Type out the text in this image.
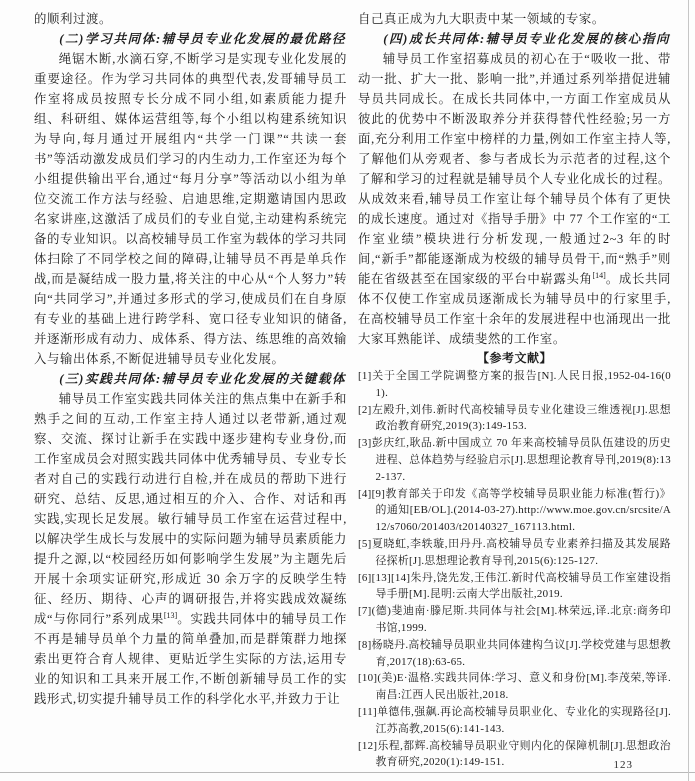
的顺利过渡。

(二)学习共同体:辅导员专业化发展的最优路径

绳锯木断,水滴石穿,不断学习是实现专业化发展的重要途径。作为学习共同体的典型代表,发哥辅导员工作室将成员按照专长分成不同小组,如素质能力提升组、科研组、媒体运营组等,每个小组以构建系统知识为导向,每月通过开展组内“共学一门课”“共读一套书”等活动激发成员们学习的内生动力,工作室还为每个小组提供输出平台,通过“每月分享”等活动以小组为单位交流工作方法与经验、启迪思维,定期邀请国内思政名家讲座,这激活了成员们的专业自觉,主动建构系统完备的专业知识。以高校辅导员工作室为载体的学习共同体扫除了不同学校之间的障碍,让辅导员不再是单兵作战,而是凝结成一股力量,将关注的中心从“个人努力”转向“共同学习”,并通过多形式的学习,使成员们在自身原有专业的基础上进行跨学科、宽口径专业知识的储备,并逐渐形成有动力、成体系、得方法、练思维的高效输入与输出体系,不断促进辅导员专业化发展。

(三)实践共同体:辅导员专业化发展的关键载体

辅导员工作室实践共同体关注的焦点集中在新手和熟手之间的互动,工作室主持人通过以老带新,通过观察、交流、探讨让新手在实践中逐步建构专业身份,而工作室成员会对照实践共同体中优秀辅导员、专业专长者对自己的实践行动进行自检,并在成员的帮助下进行研究、总结、反思,通过相互的介入、合作、对话和再实践,实现长足发展。敏行辅导员工作室在运营过程中,以解决学生成长与发展中的实际问题为辅导员素质能力提升之源,以“校园经历如何影响学生发展”为主题先后开展十余项实证研究,形成近 30 余万字的反映学生特征、经历、期待、心声的调研报告,并将实践成效凝练成“与你同行”系列成果[13]。实践共同体中的辅导员工作不再是辅导员单个力量的简单叠加,而是群策群力地探索出更符合育人规律、更贴近学生实际的方法,运用专业的知识和工具来开展工作,不断创新辅导员工作的实践形式,切实提升辅导员工作的科学化水平,并致力于让

自己真正成为九大职责中某一领域的专家。

(四)成长共同体:辅导员专业化发展的核心指向

辅导员工作室招募成员的初心在于“吸收一批、带动一批、扩大一批、影响一批”,并通过系列举措促进辅导员共同成长。在成长共同体中,一方面工作室成员从彼此的优势中不断汲取养分并获得替代性经验;另一方面,充分利用工作室中榜样的力量,例如工作室主持人等,了解他们从旁观者、参与者成长为示范者的过程,这个了解和学习的过程就是辅导员个人专业化成长的过程。从成效来看,辅导员工作室让每个辅导员个体有了更快的成长速度。通过对《指导手册》中 77 个工作室的“工作室业绩”模块进行分析发现,一般通过2~3 年的时间,“新手”都能逐渐成为校级的辅导员骨干,而“熟手”则能在省级甚至在国家级的平台中崭露头角[14]。成长共同体不仅使工作室成员逐渐成长为辅导员中的行家里手,在高校辅导员工作室十余年的发展进程中也涌现出一批大家耳熟能详、成绩斐然的工作室。

【参考文献】

[1]关于全国工学院调整方案的报告[N].人民日报,1952-04-16(01).
[2]左殿升,刘伟.新时代高校辅导员专业化建设三维透视[J].思想政治教育研究,2019(3):149-153.
[3]彭庆红,耿品.新中国成立 70 年来高校辅导员队伍建设的历史进程、总体趋势与经验启示[J].思想理论教育导刊,2019(8):132-137.
[4][9]教育部关于印发《高等学校辅导员职业能力标准(暂行)》的通知[EB/OL].(2014-03-27).http://www.moe.gov.cn/srcsite/A12/s7060/201403/t20140327_167113.html.
[5]夏晓虹,李轶璇,田丹丹.高校辅导员专业素养扫描及其发展路径探析[J].思想理论教育导刊,2015(6):125-127.
[6][13][14]朱丹,饶先发,王伟江.新时代高校辅导员工作室建设指导手册[M].昆明:云南大学出版社,2019.
[7](德)斐迪南·滕尼斯.共同体与社会[M].林荣远,译.北京:商务印书馆,1999.
[8]杨晓丹.高校辅导员职业共同体建构刍议[J].学校党建与思想教育,2017(18):63-65.
[10](美)E·温格.实践共同体:学习、意义和身份[M].李茂荣,等译.南昌:江西人民出版社,2018.
[11]单德伟,强飙.再论高校辅导员职业化、专业化的实现路径[J].江苏高教,2015(6):141-143.
[12]乐程,都辉.高校辅导员职业守则内化的保障机制[J].思想政治教育研究,2020(1):149-151.	123
